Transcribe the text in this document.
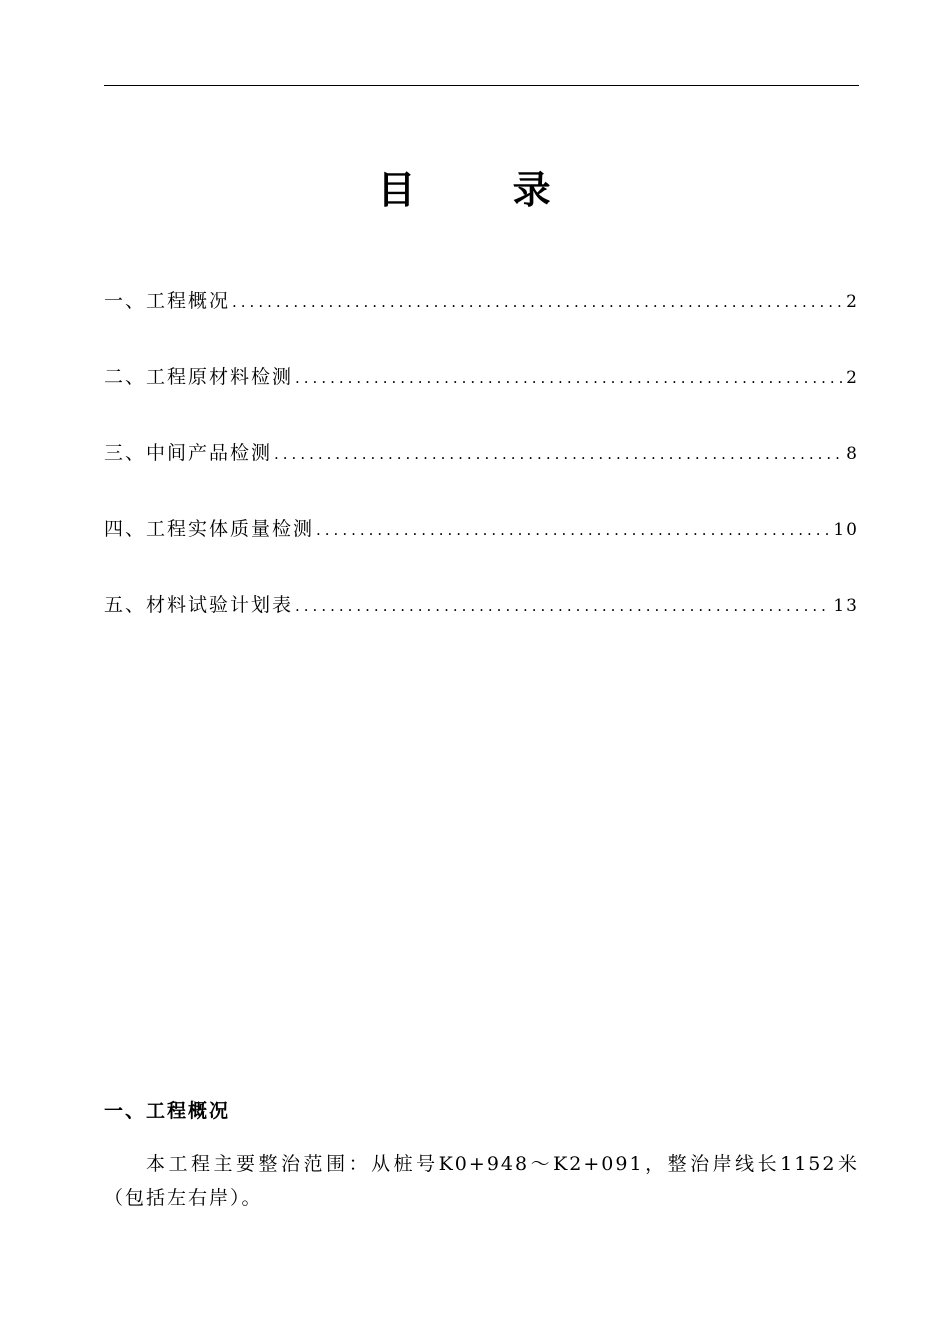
目 录
一、工程概况 .....	2
二、工程原材料检测 .....	2
三、中间产品检测 .....	8
四、工程实体质量检测 .....	10
五、材料试验计划表 .....	13
一、工程概况

本工程主要整治范围：从桩号K0+948～K2+091，整治岸线长1152米（包括左右岸）。
